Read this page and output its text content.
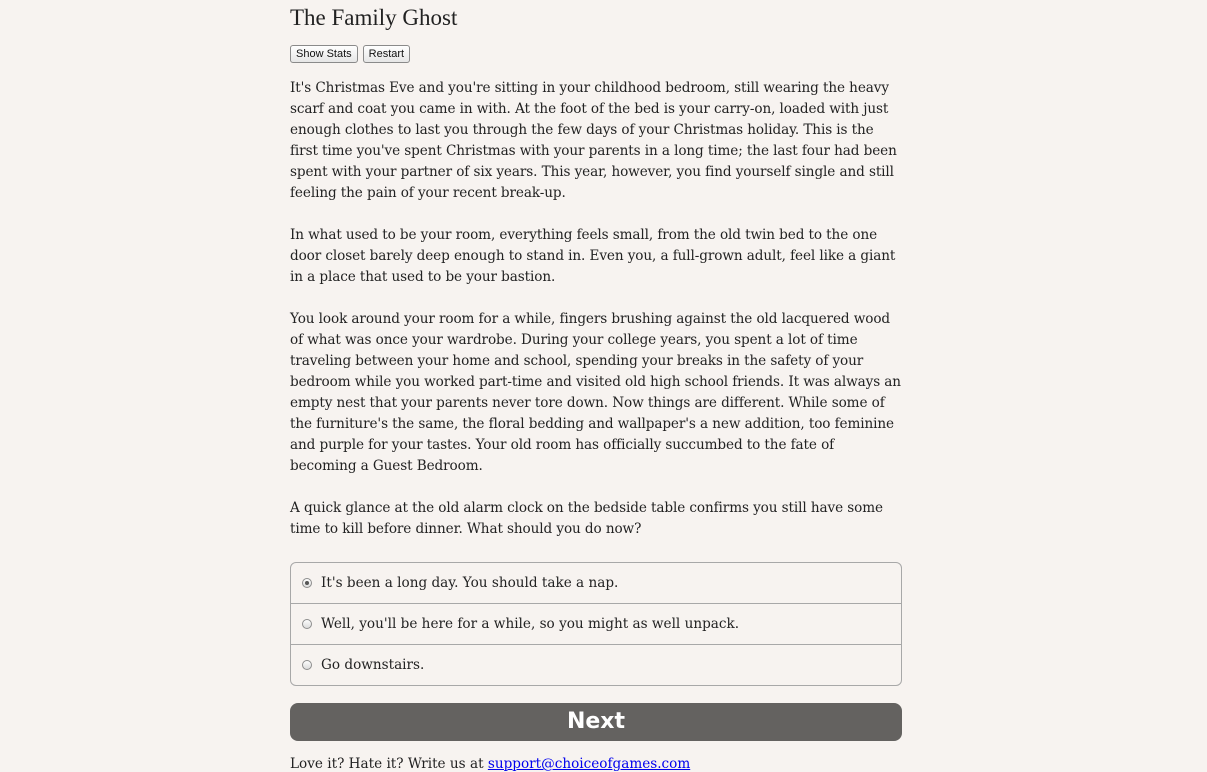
The Family Ghost
Show Stats Restart

It's Christmas Eve and you're sitting in your childhood bedroom, still wearing the heavy scarf and coat you came in with. At the foot of the bed is your carry-on, loaded with just enough clothes to last you through the few days of your Christmas holiday. This is the first time you've spent Christmas with your parents in a long time; the last four had been spent with your partner of six years. This year, however, you find yourself single and still feeling the pain of your recent break-up.

In what used to be your room, everything feels small, from the old twin bed to the one door closet barely deep enough to stand in. Even you, a full-grown adult, feel like a giant in a place that used to be your bastion.

You look around your room for a while, fingers brushing against the old lacquered wood of what was once your wardrobe. During your college years, you spent a lot of time traveling between your home and school, spending your breaks in the safety of your bedroom while you worked part-time and visited old high school friends. It was always an empty nest that your parents never tore down. Now things are different. While some of the furniture's the same, the floral bedding and wallpaper's a new addition, too feminine and purple for your tastes. Your old room has officially succumbed to the fate of becoming a Guest Bedroom.

A quick glance at the old alarm clock on the bedside table confirms you still have some time to kill before dinner. What should you do now?

It's been a long day. You should take a nap.
Well, you'll be here for a while, so you might as well unpack.
Go downstairs.
Next
Love it? Hate it? Write us at support@choiceofgames.com
